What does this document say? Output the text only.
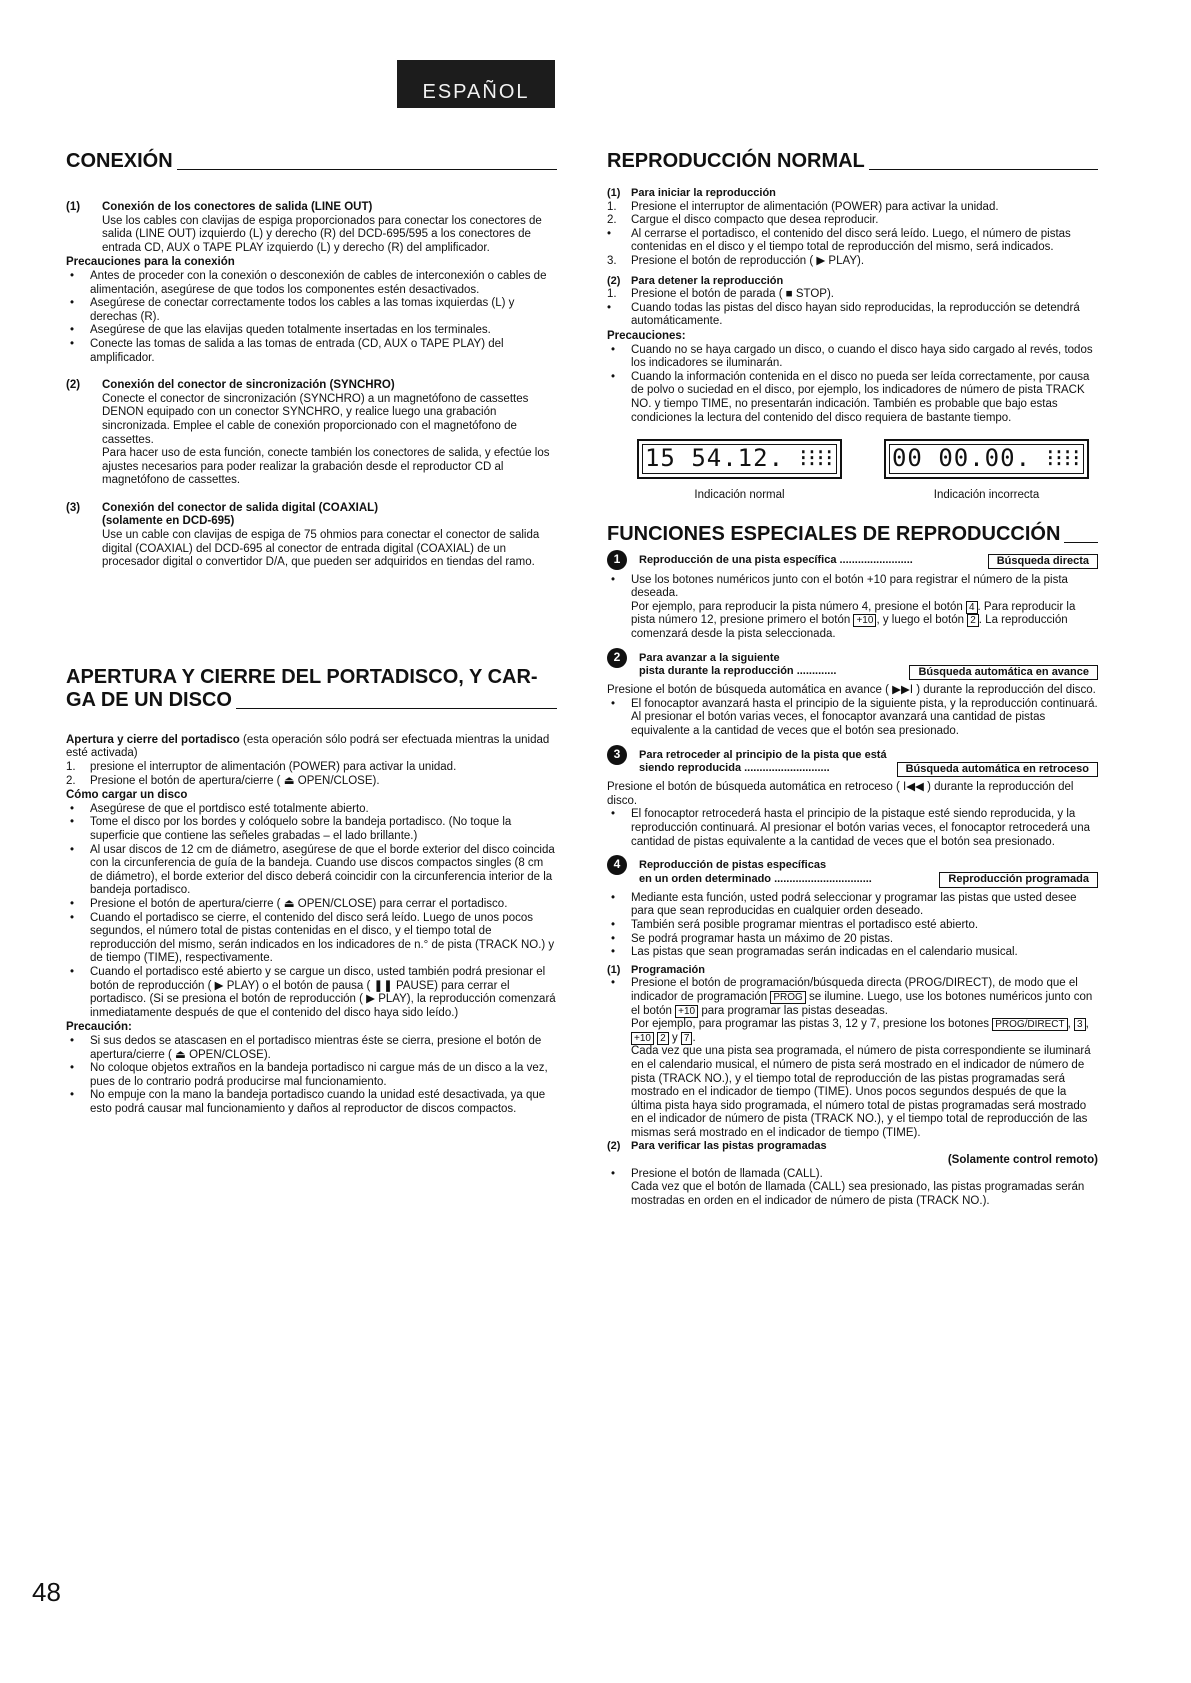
ESPAÑOL
CONEXIÓN
(1)	Conexión de los conectores de salida (LINE OUT)

Use los cables con clavijas de espiga proporcionados para conectar los conectores de salida (LINE OUT) izquierdo (L) y derecho (R) del DCD-695/595 a los conectores de entrada CD, AUX o TAPE PLAY izquierdo (L) y derecho (R) del amplificador.

Precauciones para la conexión
• Antes de proceder con la conexión o desconexión de cables de interconexión o cables de alimentación, asegúrese de que todos los componentes estén desactivados.
• Asegúrese de conectar correctamente todos los cables a las tomas ixquierdas (L) y derechas (R).
• Asegúrese de que las elavijas queden totalmente insertadas en los terminales.
• Conecte las tomas de salida a las tomas de entrada (CD, AUX o TAPE PLAY) del amplificador.
(2)	Conexión del conector de sincronización (SYNCHRO)

Conecte el conector de sincronización (SYNCHRO) a un magnetófono de cassettes DENON equipado con un conector SYNCHRO, y realice luego una grabación sincronizada. Emplee el cable de conexión proporcionado con el magnetófono de cassettes.

Para hacer uso de esta función, conecte también los conectores de salida, y efectúe los ajustes necesarios para poder realizar la grabación desde el reproductor CD al magnetófono de cassettes.

(3)	Conexión del conector de salida digital (COAXIAL)
(solamente en DCD-695)

Use un cable con clavijas de espiga de 75 ohmios para conectar el conector de salida digital (COAXIAL) del DCD-695 al conector de entrada digital (COAXIAL) de un procesador digital o convertidor D/A, que pueden ser adquiridos en tiendas del ramo.

APERTURA Y CIERRE DEL PORTADISCO, Y CAR-
GA DE UN DISCO

Apertura y cierre del portadisco (esta operación sólo podrá ser efectuada mientras la unidad esté activada)

1. presione el interruptor de alimentación (POWER) para activar la unidad.
2. Presione el botón de apertura/cierre ( ⏏ OPEN/CLOSE).
Cómo cargar un disco
• Asegúrese de que el portdisco esté totalmente abierto.
• Tome el disco por los bordes y colóquelo sobre la bandeja portadisco. (No toque la superficie que contiene las señeles grabadas – el lado brillante.)
• Al usar discos de 12 cm de diámetro, asegúrese de que el borde exterior del disco coincida con la circunferencia de guía de la bandeja. Cuando use discos compactos singles (8 cm de diámetro), el borde exterior del disco deberá coincidir con la circunferencia interior de la bandeja portadisco.
• Presione el botón de apertura/cierre ( ⏏ OPEN/CLOSE) para cerrar el portadisco.
• Cuando el portadisco se cierre, el contenido del disco será leído. Luego de unos pocos segundos, el número total de pistas contenidas en el disco, y el tiempo total de reproducción del mismo, serán indicados en los indicadores de n.° de pista (TRACK NO.) y de tiempo (TIME), respectivamente.
• Cuando el portadisco esté abierto y se cargue un disco, usted también podrá presionar el botón de reproducción ( ▶ PLAY) o el botón de pausa ( ❚❚ PAUSE) para cerrar el portadisco. (Si se presiona el botón de reproducción ( ▶ PLAY), la reproducción comenzará inmediatamente después de que el contenido del disco haya sido leído.)
Precaución:
• Si sus dedos se atascasen en el portadisco mientras éste se cierra, presione el botón de apertura/cierre ( ⏏ OPEN/CLOSE).
• No coloque objetos extraños en la bandeja portadisco ni cargue más de un disco a la vez, pues de lo contrario podrá producirse mal funcionamiento.
• No empuje con la mano la bandeja portadisco cuando la unidad esté desactivada, ya que esto podrá causar mal funcionamiento y daños al reproductor de discos compactos.
REPRODUCCIÓN NORMAL
(1) Para iniciar la reproducción
1. Presione el interruptor de alimentación (POWER) para activar la unidad.
2. Cargue el disco compacto que desea reproducir.
• Al cerrarse el portadisco, el contenido del disco será leído. Luego, el número de pistas contenidas en el disco y el tiempo total de reproducción del mismo, será indicados.
3. Presione el botón de reproducción ( ▶ PLAY).
(2) Para detener la reproducción
1. Presione el botón de parada ( ■ STOP).
• Cuando todas las pistas del disco hayan sido reproducidas, la reproducción se detendrá automáticamente.
Precauciones:
• Cuando no se haya cargado un disco, o cuando el disco haya sido cargado al revés, todos los indicadores se iluminarán.
• Cuando la información contenida en el disco no pueda ser leída correctamente, por causa de polvo o suciedad en el disco, por ejemplo, los indicadores de número de pista TRACK NO. y tiempo TIME, no presentarán indicación. También es probable que bajo estas condiciones la lectura del contenido del disco requiera de bastante tiempo.
15 54.12. ⁝⁝⁝⁝
Indicación normal
00 00.00. ⁝⁝⁝⁝
Indicación incorrecta
FUNCIONES ESPECIALES DE REPRODUCCIÓN
1	Reproducción de una pista específica ........................	Búsqueda directa
• Use los botones numéricos junto con el botón +10 para registrar el número de la pista deseada.

Por ejemplo, para reproducir la pista número 4, presione el botón 4 . Para reproducir la pista número 12, presione primero el botón +10 , y luego el botón 2 . La reproducción comenzará desde la pista seleccionada.

2	Para avanzar a la siguiente
pista durante la reproducción .............	Búsqueda automática en avance

Presione el botón de búsqueda automática en avance ( ▶▶I ) durante la reproducción del disco.

• El fonocaptor avanzará hasta el principio de la siguiente pista, y la reproducción continuará. Al presionar el botón varias veces, el fonocaptor avanzará una cantidad de pistas equivalente a la cantidad de veces que el botón sea presionado.
3	Para retroceder al principio de la pista que está
siendo reproducida ............................	Búsqueda automática en retroceso

Presione el botón de búsqueda automática en retroceso ( I◀◀ ) durante la reproducción del disco.

• El fonocaptor retrocederá hasta el principio de la pistaque esté siendo reproducida, y la reproducción continuará. Al presionar el botón varias veces, el fonocaptor retrocederá una cantidad de pistas equivalente a la cantidad de veces que el botón sea presionado.
4	Reproducción de pistas específicas
en un orden determinado ................................	Reproducción programada
• Mediante esta función, usted podrá seleccionar y programar las pistas que usted desee para que sean reproducidas en cualquier orden deseado.
• También será posible programar mientras el portadisco esté abierto.
• Se podrá programar hasta un máximo de 20 pistas.
• Las pistas que sean programadas serán indicadas en el calendario musical.
(1) Programación
• Presione el botón de programación/búsqueda directa (PROG/DIRECT), de modo que el indicador de programación PROG se ilumine. Luego, use los botones numéricos junto con el botón +10 para programar las pistas deseadas.

Por ejemplo, para programar las pistas 3, 12 y 7, presione los botones PROG/DIRECT , 3 , +10 2 y 7 .

Cada vez que una pista sea programada, el número de pista correspondiente se iluminará en el calendario musical, el número de pista será mostrado en el indicador de número de pista (TRACK NO.), y el tiempo total de reproducción de las pistas programadas será mostrado en el indicador de tiempo (TIME). Unos pocos segundos después de que la última pista haya sido programada, el número total de pistas programadas será mostrado en el indicador de número de pista (TRACK NO.), y el tiempo total de reproducción de las mismas será mostrado en el indicador de tiempo (TIME).

(2) Para verificar las pistas programadas
(Solamente control remoto)
• Presione el botón de llamada (CALL).

Cada vez que el botón de llamada (CALL) sea presionado, las pistas programadas serán mostradas en orden en el indicador de número de pista (TRACK NO.).

48
